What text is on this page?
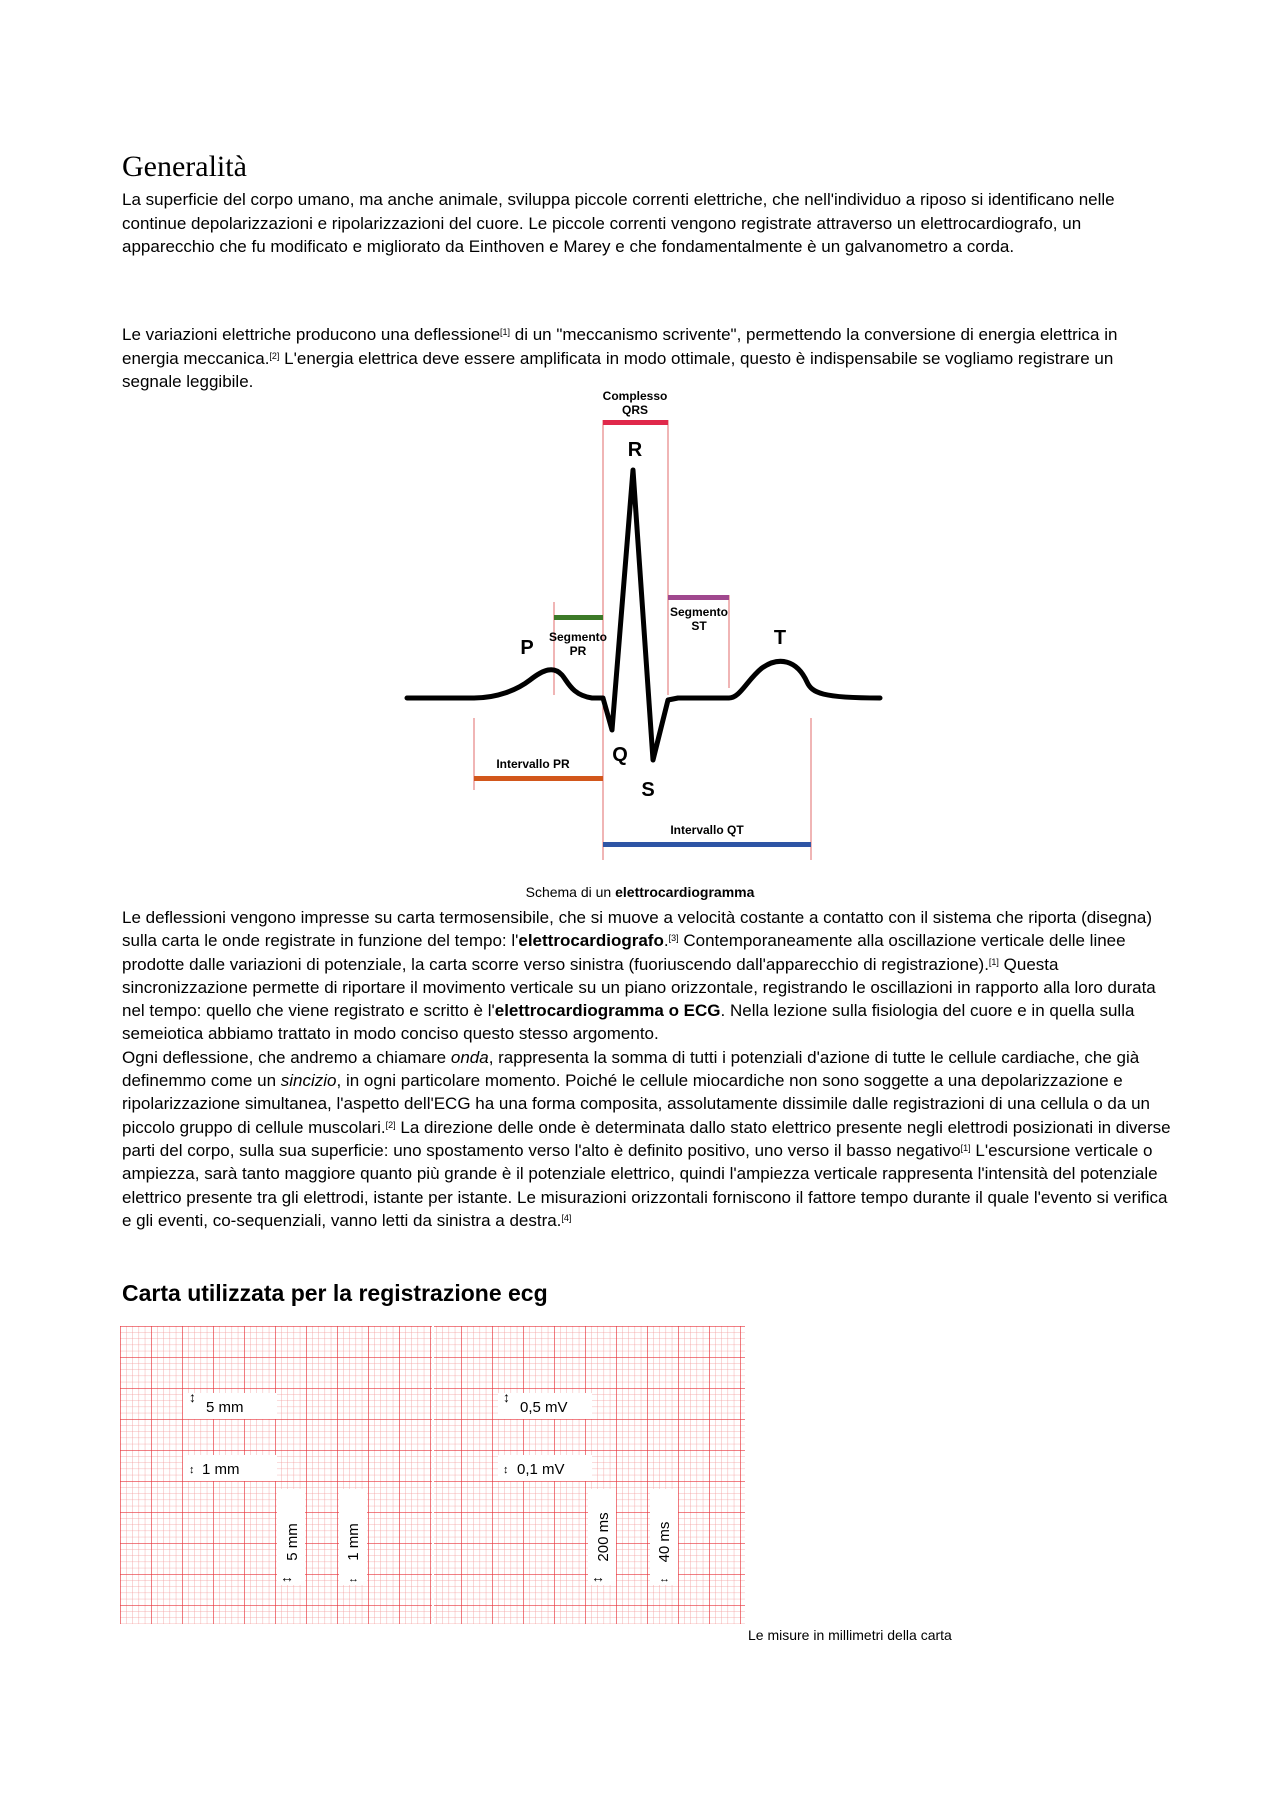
Generalità

La superficie del corpo umano, ma anche animale, sviluppa piccole correnti elettriche, che nell'individuo a riposo si identificano nelle continue depolarizzazioni e ripolarizzazioni del cuore. Le piccole correnti vengono registrate attraverso un elettrocardiografo, un apparecchio che fu modificato e migliorato da Einthoven e Marey e che fondamentalmente è un galvanometro a corda.

Le variazioni elettriche producono una deflessione[1] di un "meccanismo scrivente", permettendo la conversione di energia elettrica in energia meccanica.[2] L'energia elettrica deve essere amplificata in modo ottimale, questo è indispensabile se vogliamo registrare un segnale leggibile.

Complesso
QRS
R
P Segmento
PR
Segmento
ST
T
Q
S
Intervallo PR
Intervallo QT
Schema di un elettrocardiogramma

Le deflessioni vengono impresse su carta termosensibile, che si muove a velocità costante a contatto con il sistema che riporta (disegna) sulla carta le onde registrate in funzione del tempo: l'elettrocardiografo.[3] Contemporaneamente alla oscillazione verticale delle linee prodotte dalle variazioni di potenziale, la carta scorre verso sinistra (fuoriuscendo dall'apparecchio di registrazione).[1] Questa sincronizzazione permette di riportare il movimento verticale su un piano orizzontale, registrando le oscillazioni in rapporto alla loro durata nel tempo: quello che viene registrato e scritto è l'elettrocardiogramma o ECG. Nella lezione sulla fisiologia del cuore e in quella sulla semeiotica abbiamo trattato in modo conciso questo stesso argomento.
Ogni deflessione, che andremo a chiamare onda, rappresenta la somma di tutti i potenziali d'azione di tutte le cellule cardiache, che già definemmo come un sincizio, in ogni particolare momento. Poiché le cellule miocardiche non sono soggette a una depolarizzazione e ripolarizzazione simultanea, l'aspetto dell'ECG ha una forma composita, assolutamente dissimile dalle registrazioni di una cellula o da un piccolo gruppo di cellule muscolari.[2] La direzione delle onde è determinata dallo stato elettrico presente negli elettrodi posizionati in diverse parti del corpo, sulla sua superficie: uno spostamento verso l'alto è definito positivo, uno verso il basso negativo[1] L'escursione verticale o ampiezza, sarà tanto maggiore quanto più grande è il potenziale elettrico, quindi l'ampiezza verticale rappresenta l'intensità del potenziale elettrico presente tra gli elettrodi, istante per istante. Le misurazioni orizzontali forniscono il fattore tempo durante il quale l'evento si verifica e gli eventi, co-sequenziali, vanno letti da sinistra a destra.[4]

Carta utilizzata per la registrazione ecg
↕
5 mm
↕ 1 mm
5 mm
↔
1 mm
↔
↕
0,5 mV
↕ 0,1 mV
200 ms
↔
40 ms
↔
Le misure in millimetri della carta
